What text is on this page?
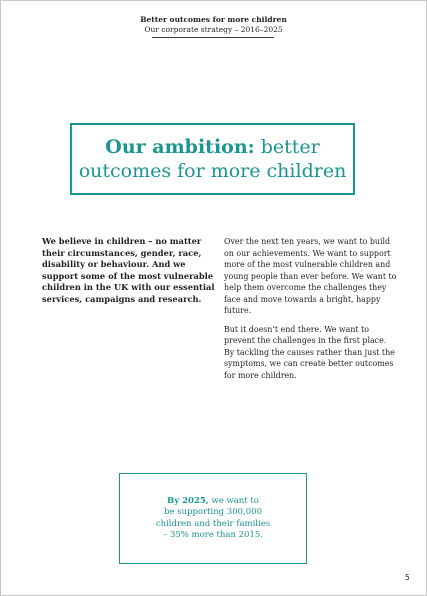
Better outcomes for more children
Our corporate strategy – 2016–2025
Our ambition: better
outcomes for more children
We believe in children – no matter their circumstances, gender, race, disability or behaviour. And we support some of the most vulnerable children in the UK with our essential services, campaigns and research.

Over the next ten years, we want to build on our achievements. We want to support more of the most vulnerable children and young people than ever before. We want to help them overcome the challenges they face and move towards a bright, happy future.

But it doesn’t end there. We want to prevent the challenges in the first place. By tackling the causes rather than just the symptoms, we can create better outcomes for more children.

By 2025, we want to
be supporting 300,000
children and their families
– 35% more than 2015.
5
